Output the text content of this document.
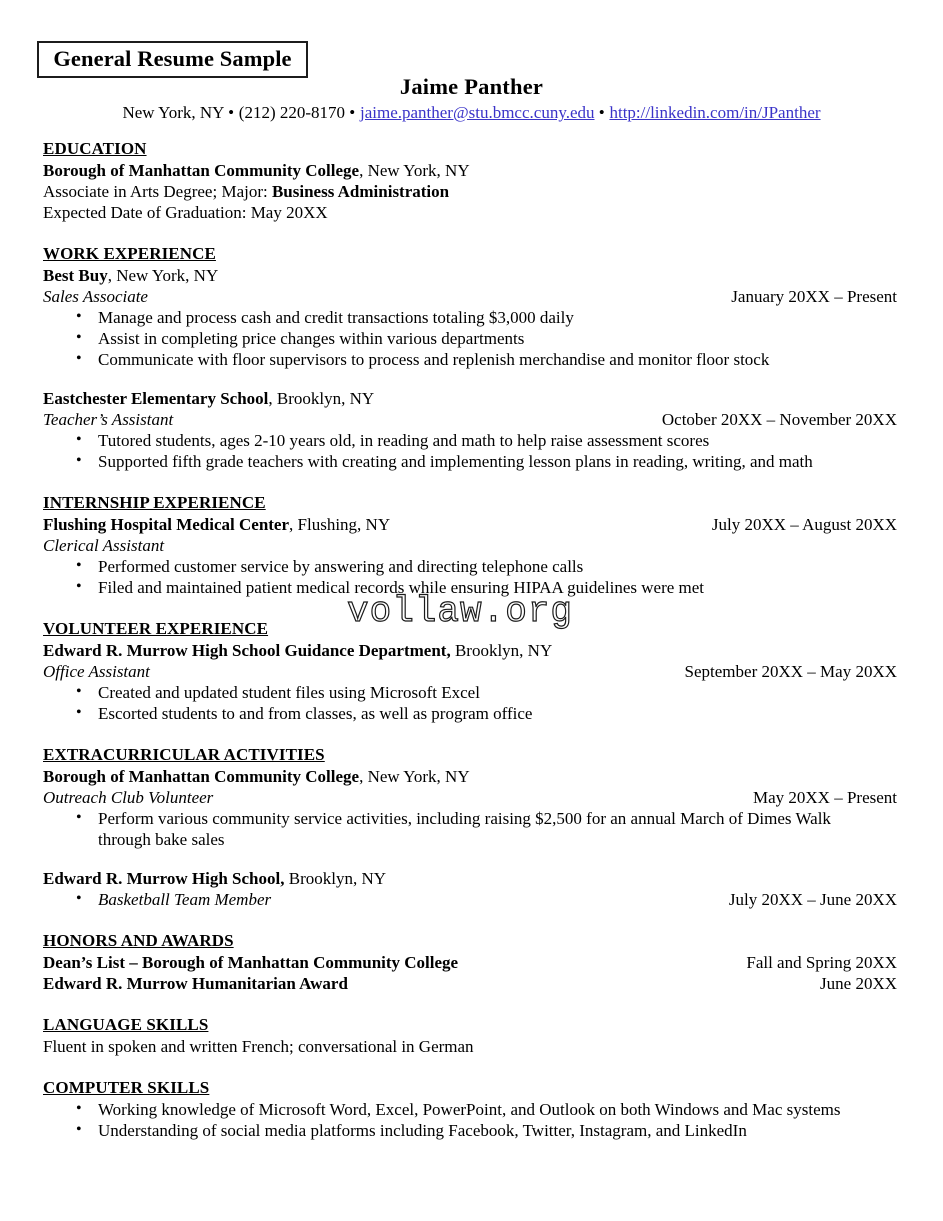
General Resume Sample
Jaime Panther
New York, NY • (212) 220-8170 • jaime.panther@stu.bmcc.cuny.edu • http://linkedin.com/in/JPanther
EDUCATION
Borough of Manhattan Community College, New York, NY
Associate in Arts Degree; Major: Business Administration
Expected Date of Graduation: May 20XX
WORK EXPERIENCE
Best Buy, New York, NY
Sales Associate	January 20XX – Present
• Manage and process cash and credit transactions totaling $3,000 daily
• Assist in completing price changes within various departments
• Communicate with floor supervisors to process and replenish merchandise and monitor floor stock
Eastchester Elementary School, Brooklyn, NY
Teacher’s Assistant	October 20XX – November 20XX
• Tutored students, ages 2-10 years old, in reading and math to help raise assessment scores
• Supported fifth grade teachers with creating and implementing lesson plans in reading, writing, and math
INTERNSHIP EXPERIENCE
Flushing Hospital Medical Center, Flushing, NY	July 20XX – August 20XX
Clerical Assistant
• Performed customer service by answering and directing telephone calls
• Filed and maintained patient medical records while ensuring HIPAA guidelines were met
VOLUNTEER EXPERIENCE
Edward R. Murrow High School Guidance Department, Brooklyn, NY
Office Assistant	September 20XX – May 20XX
• Created and updated student files using Microsoft Excel
• Escorted students to and from classes, as well as program office
EXTRACURRICULAR ACTIVITIES
Borough of Manhattan Community College, New York, NY
Outreach Club Volunteer	May 20XX – Present
• Perform various community service activities, including raising $2,500 for an annual March of Dimes Walk
through bake sales
Edward R. Murrow High School, Brooklyn, NY
• Basketball Team Member	July 20XX – June 20XX
HONORS AND AWARDS
Dean’s List – Borough of Manhattan Community College	Fall and Spring 20XX
Edward R. Murrow Humanitarian Award	June 20XX
LANGUAGE SKILLS
Fluent in spoken and written French; conversational in German
COMPUTER SKILLS
• Working knowledge of Microsoft Word, Excel, PowerPoint, and Outlook on both Windows and Mac systems
• Understanding of social media platforms including Facebook, Twitter, Instagram, and LinkedIn
vollaw.org
